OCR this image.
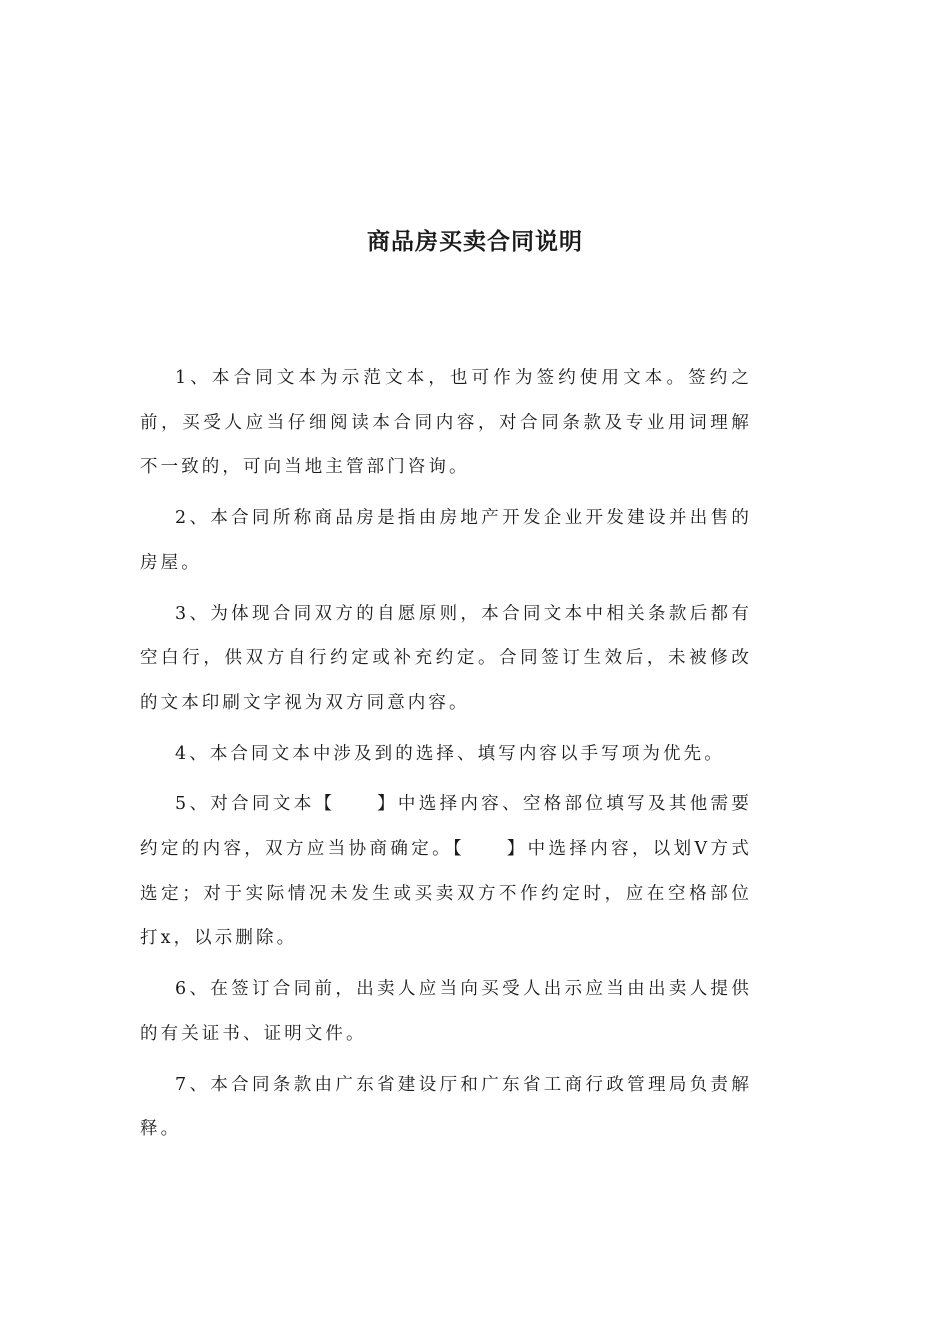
商品房买卖合同说明

1、本合同文本为示范文本，也可作为签约使用文本。签约之前，买受人应当仔细阅读本合同内容，对合同条款及专业用词理解不一致的，可向当地主管部门咨询。

2、本合同所称商品房是指由房地产开发企业开发建设并出售的房屋。

3、为体现合同双方的自愿原则，本合同文本中相关条款后都有空白行，供双方自行约定或补充约定。合同签订生效后，未被修改的文本印刷文字视为双方同意内容。

4、本合同文本中涉及到的选择、填写内容以手写项为优先。

5、对合同文本【　　】中选择内容、空格部位填写及其他需要约定的内容，双方应当协商确定。【　　】中选择内容，以划V方式选定；对于实际情况未发生或买卖双方不作约定时，应在空格部位打x，以示删除。

6、在签订合同前，出卖人应当向买受人出示应当由出卖人提供的有关证书、证明文件。

7、本合同条款由广东省建设厅和广东省工商行政管理局负责解释。
